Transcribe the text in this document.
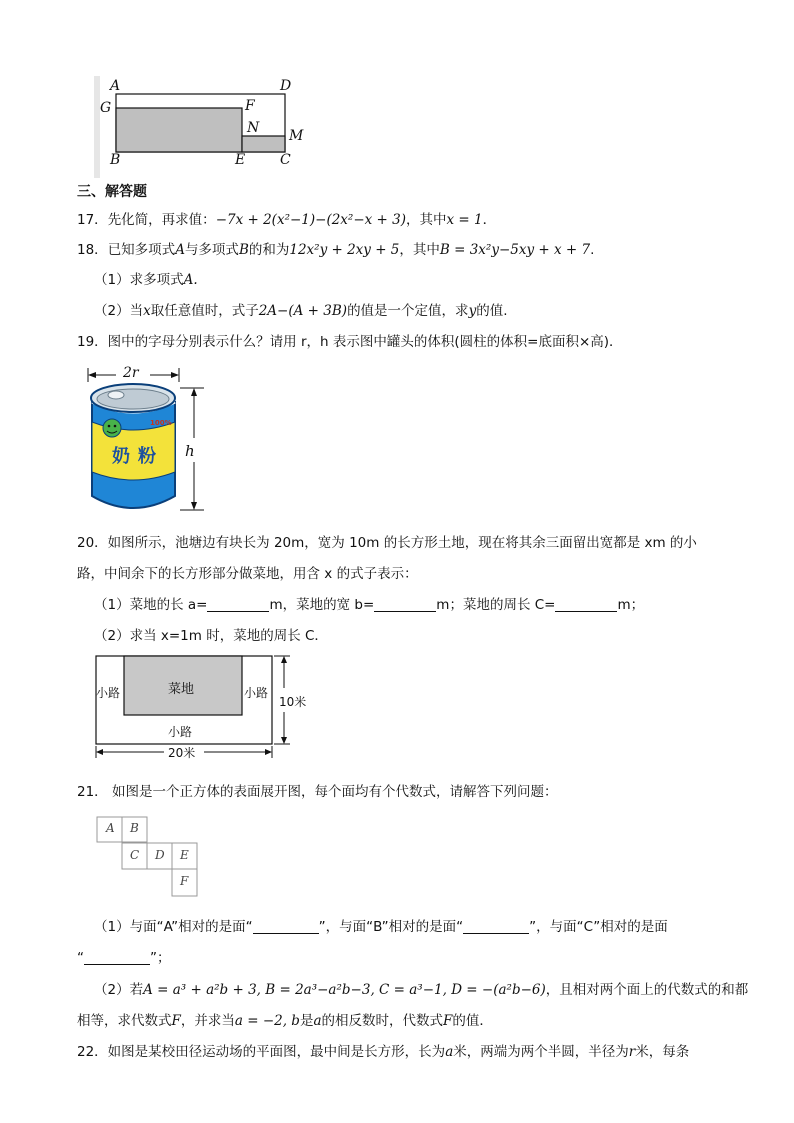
A	D
G	F
N M
B	E C
三、解答题
17．先化简，再求值：−7x + 2(x²−1)−(2x²−x + 3)，其中x = 1．
18．已知多项式A与多项式B的和为12x²y + 2xy + 5，其中B = 3x²y−5xy + x + 7.
（1）求多项式A.
（2）当x取任意值时，式子2A−(A + 3B)的值是一个定值，求y的值.
19．图中的字母分别表示什么？请用 r，h 表示图中罐头的体积(圆柱的体积=底面积×高)．
2r
h
奶粉
100%
20．如图所示，池塘边有块长为 20m，宽为 10m 的长方形土地，现在将其余三面留出宽都是 xm 的小
路，中间余下的长方形部分做菜地，用含 x 的式子表示：
（1）菜地的长 a=	m，菜地的宽 b=	m；菜地的周长 C=	m；
（2）求当 x=1m 时，菜地的周长 C．
菜地
小路	小路
小路
20米
10米
21． 如图是一个正方体的表面展开图，每个面均有个代数式，请解答下列问题：
A B
C D E
F
（1）与面“A”相对的是面“	”，与面“B”相对的是面“	”，与面“C”相对的是面
“	”；
（2）若A = a³ + a²b + 3, B = 2a³−a²b−3, C = a³−1, D = −(a²b−6)，且相对两个面上的代数式的和都
相等，求代数式F，并求当a = −2, b是a的相反数时，代数式F的值．
22．如图是某校田径运动场的平面图，最中间是长方形，长为a米，两端为两个半圆，半径为r米，每条
